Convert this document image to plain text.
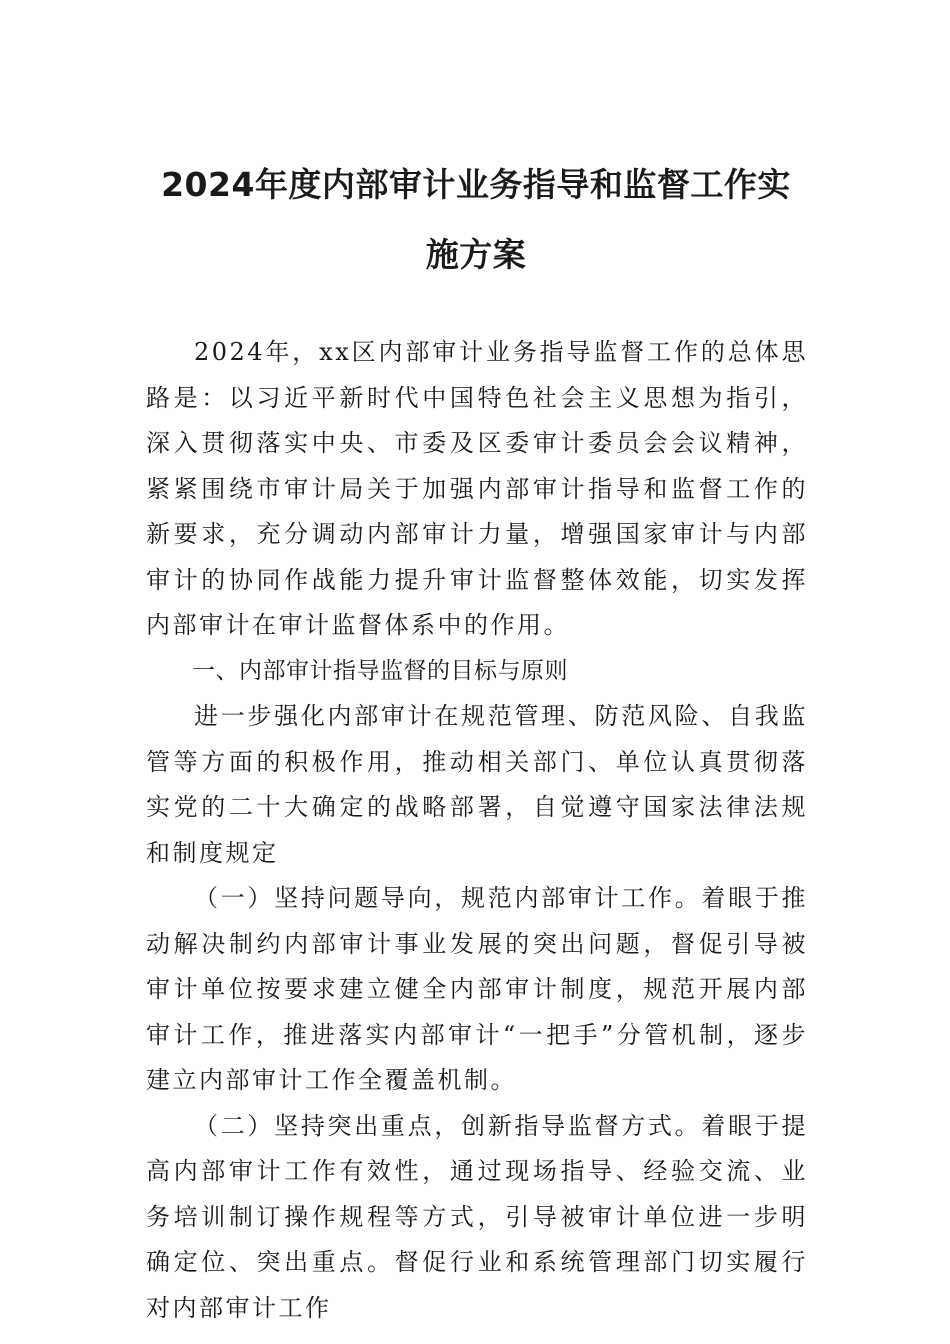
2024年度内部审计业务指导和监督工作实施方案

2024年，xx区内部审计业务指导监督工作的总体思路是：以习近平新时代中国特色社会主义思想为指引，深入贯彻落实中央、市委及区委审计委员会会议精神，紧紧围绕市审计局关于加强内部审计指导和监督工作的新要求，充分调动内部审计力量，增强国家审计与内部审计的协同作战能力提升审计监督整体效能，切实发挥内部审计在审计监督体系中的作用。

一、内部审计指导监督的目标与原则

进一步强化内部审计在规范管理、防范风险、自我监管等方面的积极作用，推动相关部门、单位认真贯彻落实党的二十大确定的战略部署，自觉遵守国家法律法规和制度规定

（一）坚持问题导向，规范内部审计工作。着眼于推动解决制约内部审计事业发展的突出问题，督促引导被审计单位按要求建立健全内部审计制度，规范开展内部审计工作，推进落实内部审计“一把手”分管机制，逐步建立内部审计工作全覆盖机制。

（二）坚持突出重点，创新指导监督方式。着眼于提高内部审计工作有效性，通过现场指导、经验交流、业务培训制订操作规程等方式，引导被审计单位进一步明确定位、突出重点。督促行业和系统管理部门切实履行对内部审计工作
